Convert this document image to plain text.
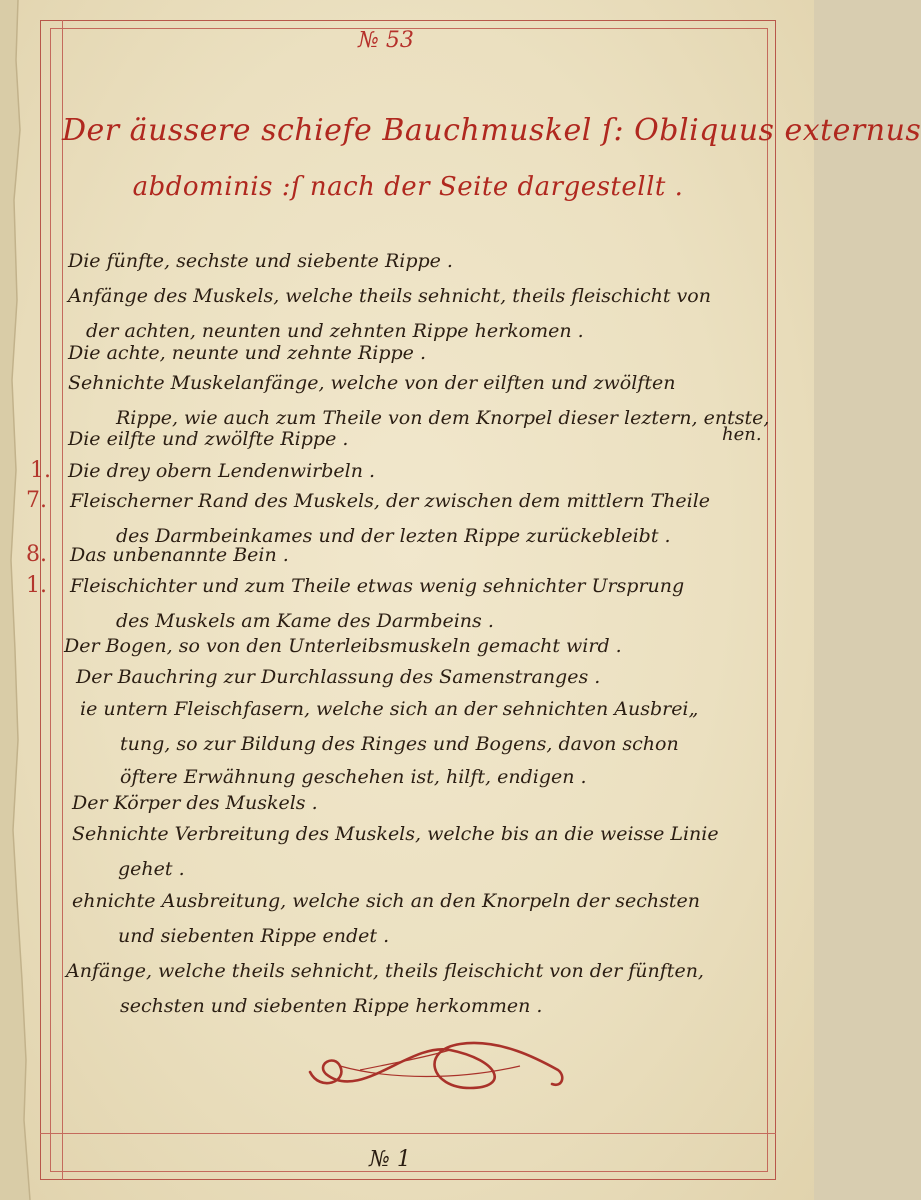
№ 53
Der äussere schiefe Bauchmuskel ſ: Obliquus externus
abdominis :ſ nach der Seite dargestellt .
Die fünfte, sechste und siebente Rippe .
Anfänge des Muskels, welche theils sehnicht, theils fleischicht von
der achten, neunten und zehnten Rippe herkomen .
Die achte, neunte und zehnte Rippe .
Sehnichte Muskelanfänge, welche von der eilften und zwölften
Rippe, wie auch zum Theile von dem Knorpel dieser leztern, entste,
Die eilfte und zwölfte Rippe .	hen.
1. Die drey obern Lendenwirbeln .
7. Fleischerner Rand des Muskels, der zwischen dem mittlern Theile
des Darmbeinkames und der lezten Rippe zurückebleibt .
8. Das unbenannte Bein .
1. Fleischichter und zum Theile etwas wenig sehnichter Ursprung
des Muskels am Kame des Darmbeins .
Der Bogen, so von den Unterleibsmuskeln gemacht wird .
Der Bauchring zur Durchlassung des Samenstranges .
ie untern Fleischfasern, welche sich an der sehnichten Ausbrei„
tung, so zur Bildung des Ringes und Bogens, davon schon
öftere Erwähnung geschehen ist, hilft, endigen .
Der Körper des Muskels .
Sehnichte Verbreitung des Muskels, welche bis an die weisse Linie
gehet .
ehnichte Ausbreitung, welche sich an den Knorpeln der sechsten
und siebenten Rippe endet .
Anfänge, welche theils sehnicht, theils fleischicht von der fünften,
sechsten und siebenten Rippe herkommen .
№ 1
